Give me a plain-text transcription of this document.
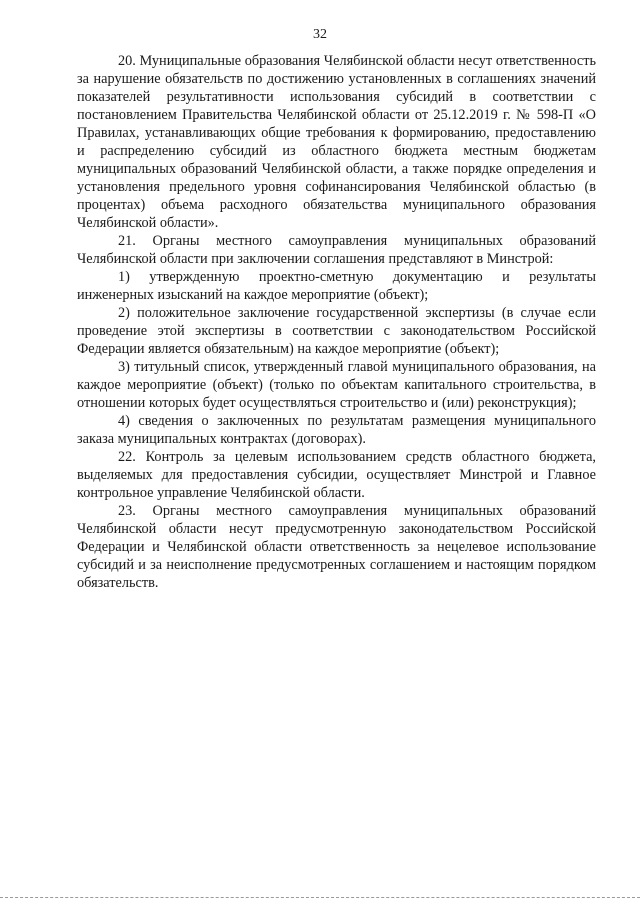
32

20. Муниципальные образования Челябинской области несут ответственность за нарушение обязательств по достижению установленных в соглашениях значений показателей результативности использования субсидий в соответствии с постановлением Правительства Челябинской области от 25.12.2019 г. № 598-П «О Правилах, устанавливающих общие требования к формированию, предоставлению и распределению субсидий из областного бюджета местным бюджетам муниципальных образований Челябинской области, а также порядке определения и установления предельного уровня софинансирования Челябинской областью (в процентах) объема расходного обязательства муниципального образования Челябинской области».

21. Органы местного самоуправления муниципальных образований Челябинской области при заключении соглашения представляют в Минстрой:

1) утвержденную проектно-сметную документацию и результаты инженерных изысканий на каждое мероприятие (объект);

2) положительное заключение государственной экспертизы (в случае если проведение этой экспертизы в соответствии с законодательством Российской Федерации является обязательным) на каждое мероприятие (объект);

3) титульный список, утвержденный главой муниципального образования, на каждое мероприятие (объект) (только по объектам капитального строительства, в отношении которых будет осуществляться строительство и (или) реконструкция);

4) сведения о заключенных по результатам размещения муниципального заказа муниципальных контрактах (договорах).

22. Контроль за целевым использованием средств областного бюджета, выделяемых для предоставления субсидии, осуществляет Минстрой и Главное контрольное управление Челябинской области.

23. Органы местного самоуправления муниципальных образований Челябинской области несут предусмотренную законодательством Российской Федерации и Челябинской области ответственность за нецелевое использование субсидий и за неисполнение предусмотренных соглашением и настоящим порядком обязательств.
